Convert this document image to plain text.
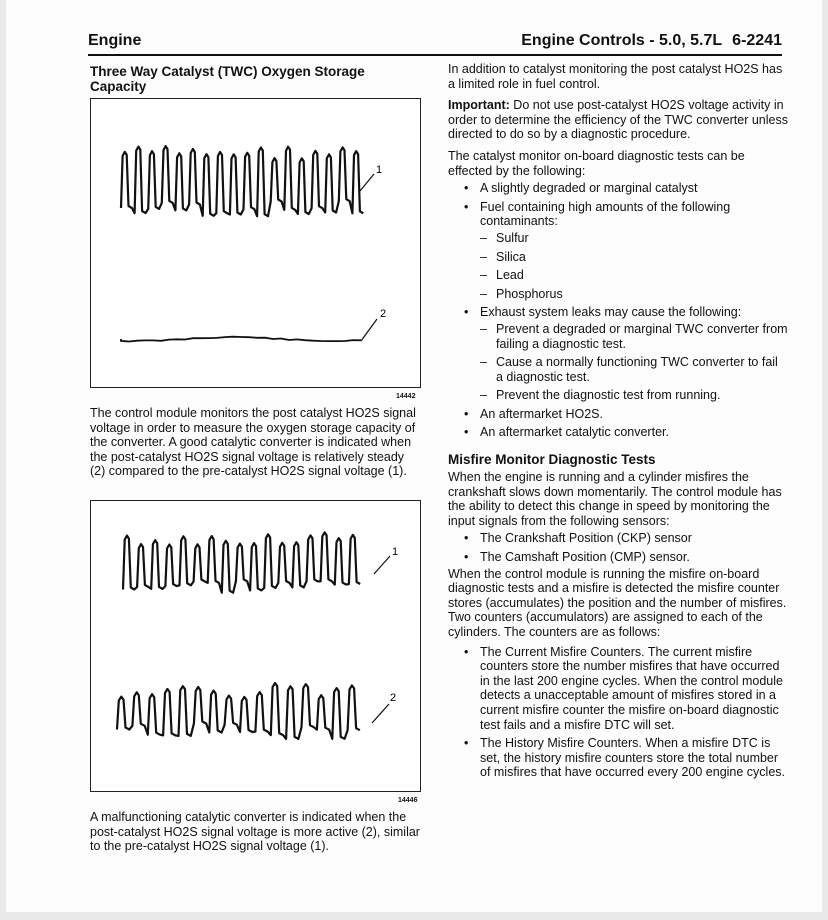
Engine	Engine Controls - 5.0, 5.7L 6-2241
Three Way Catalyst (TWC) Oxygen Storage Capacity
1
2
14442

The control module monitors the post catalyst HO2S signal voltage in order to measure the oxygen storage capacity of the converter. A good catalytic converter is indicated when the post-catalyst HO2S signal voltage is relatively steady (2) compared to the pre-catalyst HO2S signal voltage (1).

1
2
14446

A malfunctioning catalytic converter is indicated when the post-catalyst HO2S signal voltage is more active (2), similar to the pre-catalyst HO2S signal voltage (1).

In addition to catalyst monitoring the post catalyst HO2S has a limited role in fuel control.

Important: Do not use post-catalyst HO2S voltage activity in order to determine the efficiency of the TWC converter unless directed to do so by a diagnostic procedure.

The catalyst monitor on-board diagnostic tests can be effected by the following:

• A slightly degraded or marginal catalyst
• Fuel containing high amounts of the following contaminants:
– Sulfur
– Silica
– Lead
– Phosphorus
• Exhaust system leaks may cause the following:
– Prevent a degraded or marginal TWC converter from failing a diagnostic test.
– Cause a normally functioning TWC converter to fail a diagnostic test.
– Prevent the diagnostic test from running.
• An aftermarket HO2S.
• An aftermarket catalytic converter.
Misfire Monitor Diagnostic Tests

When the engine is running and a cylinder misfires the crankshaft slows down momentarily. The control module has the ability to detect this change in speed by monitoring the input signals from the following sensors:

• The Crankshaft Position (CKP) sensor
• The Camshaft Position (CMP) sensor.

When the control module is running the misfire on-board diagnostic tests and a misfire is detected the misfire counter stores (accumulates) the position and the number of misfires. Two counters (accumulators) are assigned to each of the cylinders. The counters are as follows:

• The Current Misfire Counters. The current misfire counters store the number misfires that have occurred in the last 200 engine cycles. When the control module detects a unacceptable amount of misfires stored in a current misfire counter the misfire on-board diagnostic test fails and a misfire DTC will set.
• The History Misfire Counters. When a misfire DTC is set, the history misfire counters store the total number of misfires that have occurred every 200 engine cycles.
